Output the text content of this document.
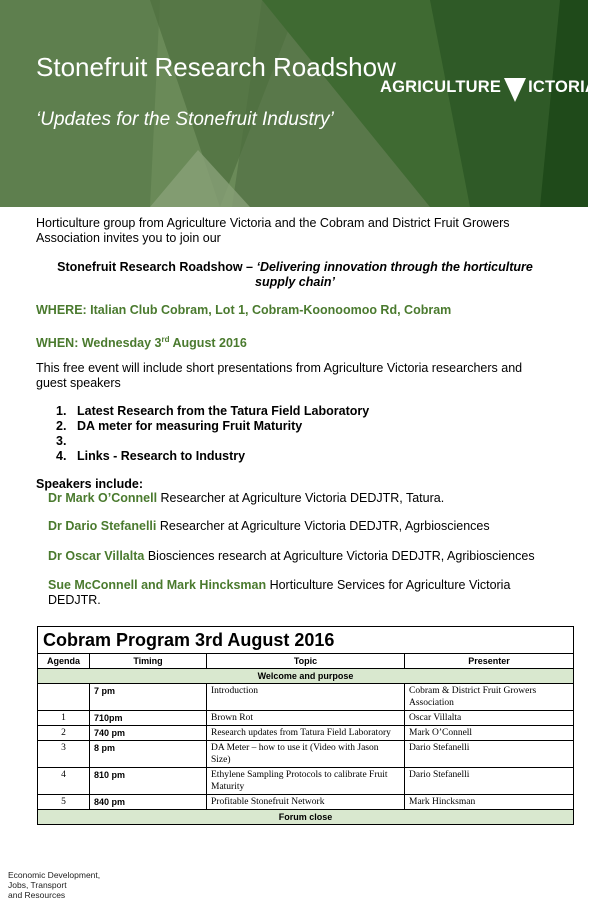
Stonefruit Research Roadshow
‘Updates for the Stonefruit Industry’
AGRICULTURE ICTORIA
Horticulture group from Agriculture Victoria and the Cobram and District Fruit Growers Association invites you to join our
Stonefruit Research Roadshow – ‘Delivering innovation through the horticulture supply chain’
WHERE: Italian Club Cobram, Lot 1, Cobram-Koonoomoo Rd, Cobram
WHEN: Wednesday 3rd August 2016
This free event will include short presentations from Agriculture Victoria researchers and guest speakers
1. Latest Research from the Tatura Field Laboratory
2. DA meter for measuring Fruit Maturity
3.
4. Links - Research to Industry
Speakers include:
Dr Mark O’Connell Researcher at Agriculture Victoria DEDJTR, Tatura.
Dr Dario Stefanelli Researcher at Agriculture Victoria DEDJTR, Agrbiosciences
Dr Oscar Villalta Biosciences research at Agriculture Victoria DEDJTR, Agribiosciences
Sue McConnell and Mark Hincksman Horticulture Services for Agriculture Victoria DEDJTR.
Cobram Program 3rd August 2016			
Agenda	Timing	Topic	Presenter
Welcome and purpose			
	7 pm	Introduction	Cobram & District Fruit Growers Association
1	710pm	Brown Rot	Oscar Villalta
2	740 pm	Research updates from Tatura Field Laboratory	Mark O’Connell
3	8 pm	DA Meter – how to use it (Video with Jason Size)	Dario Stefanelli
4	810 pm	Ethylene Sampling Protocols to calibrate Fruit Maturity	Dario Stefanelli
5	840 pm	Profitable Stonefruit Network	Mark Hincksman
Forum close			
Economic Development,
Jobs, Transport
and Resources
